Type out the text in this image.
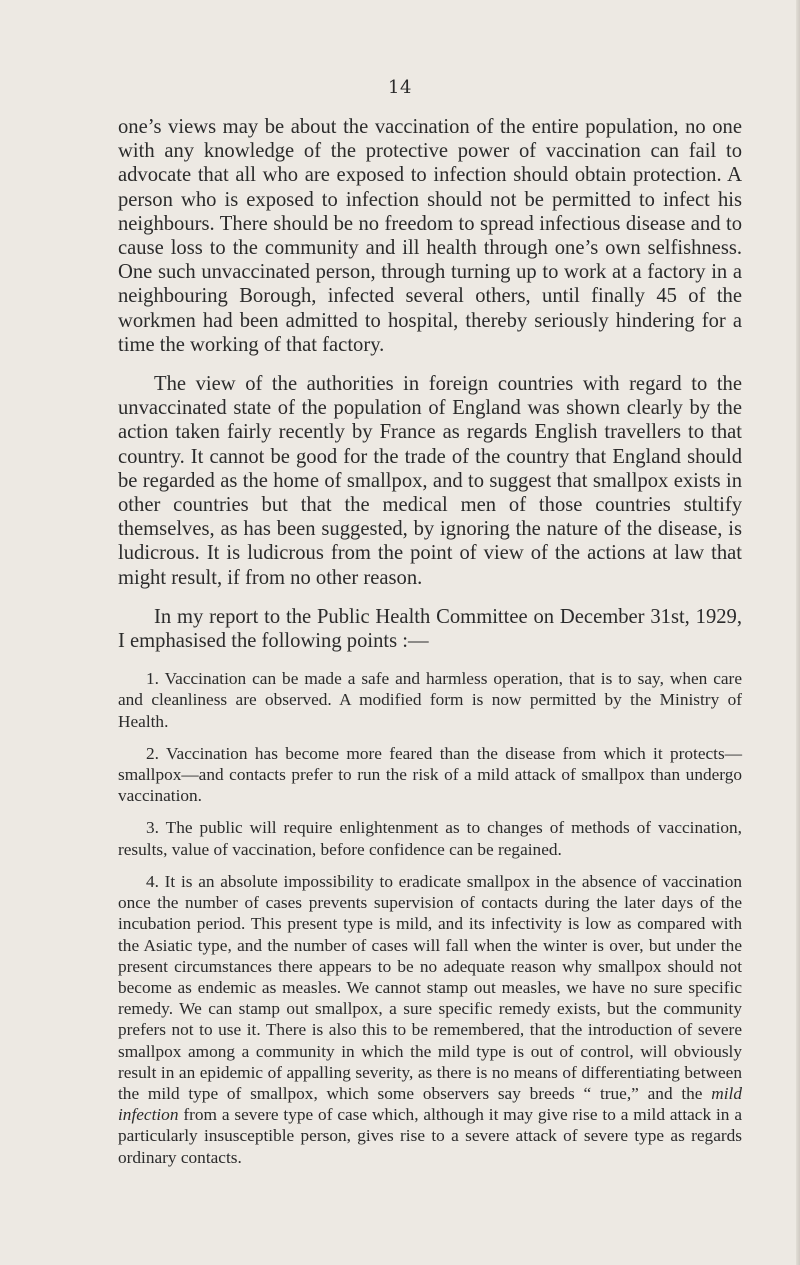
14

one’s views may be about the vaccination of the entire population, no one with any knowledge of the protective power of vaccination can fail to advocate that all who are exposed to infection should obtain protection. A person who is exposed to infection should not be permitted to infect his neighbours. There should be no freedom to spread infectious disease and to cause loss to the community and ill health through one’s own selfishness. One such unvaccinated person, through turning up to work at a factory in a neighbouring Borough, infected several others, until finally 45 of the workmen had been admitted to hospital, thereby seriously hindering for a time the working of that factory.

The view of the authorities in foreign countries with regard to the unvaccinated state of the population of England was shown clearly by the action taken fairly recently by France as regards English travellers to that country. It cannot be good for the trade of the country that England should be regarded as the home of smallpox, and to suggest that smallpox exists in other countries but that the medical men of those countries stultify themselves, as has been suggested, by ignoring the nature of the disease, is ludicrous. It is ludicrous from the point of view of the actions at law that might result, if from no other reason.

In my report to the Public Health Committee on December 31st, 1929, I emphasised the following points :—

1. Vaccination can be made a safe and harmless operation, that is to say, when care and cleanliness are observed. A modified form is now permitted by the Ministry of Health.

2. Vaccination has become more feared than the disease from which it protects—smallpox—and contacts prefer to run the risk of a mild attack of smallpox than undergo vaccination.

3. The public will require enlightenment as to changes of methods of vaccination, results, value of vaccination, before confidence can be regained.

4. It is an absolute impossibility to eradicate smallpox in the absence of vaccination once the number of cases prevents supervision of contacts during the later days of the incubation period. This present type is mild, and its infectivity is low as compared with the Asiatic type, and the number of cases will fall when the winter is over, but under the present circumstances there appears to be no adequate reason why smallpox should not become as endemic as measles. We cannot stamp out measles, we have no sure specific remedy. We can stamp out smallpox, a sure specific remedy exists, but the community prefers not to use it. There is also this to be remembered, that the introduction of severe smallpox among a community in which the mild type is out of control, will obviously result in an epidemic of appalling severity, as there is no means of differentiating between the mild type of smallpox, which some observers say breeds “ true,” and the mild infection from a severe type of case which, although it may give rise to a mild attack in a particularly insusceptible person, gives rise to a severe attack of severe type as regards ordinary contacts.
